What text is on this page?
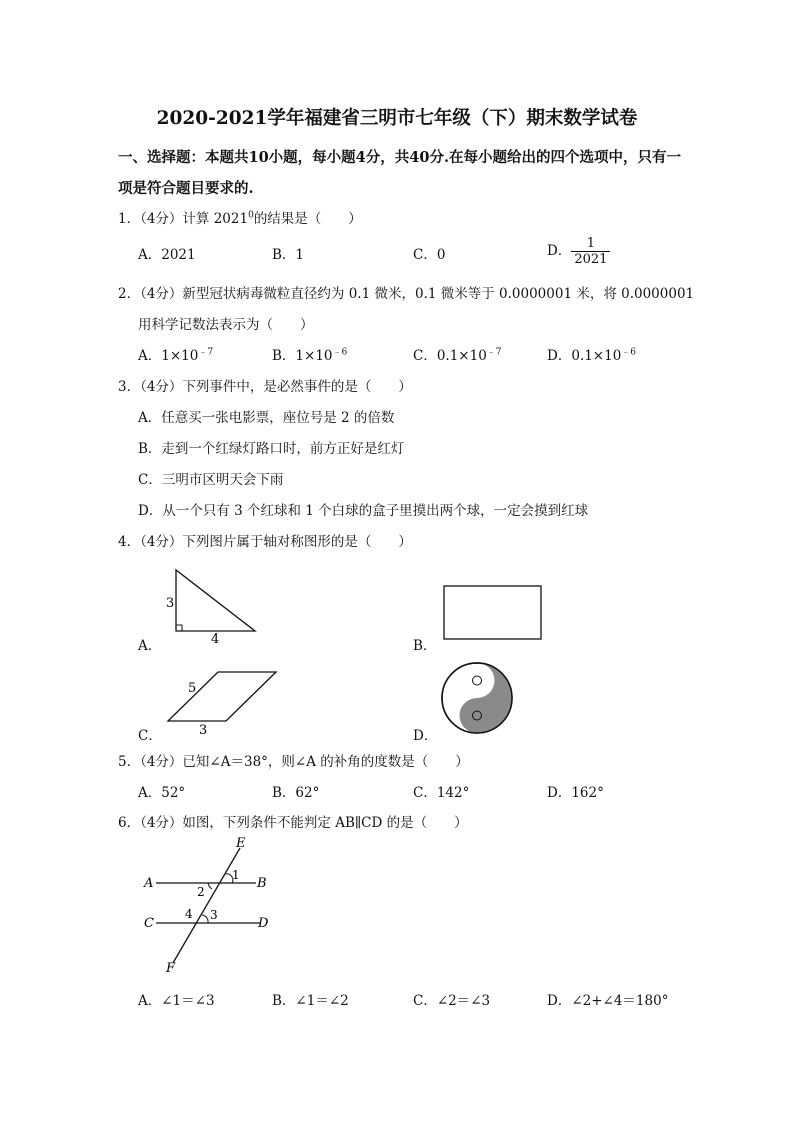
2020-2021学年福建省三明市七年级（下）期末数学试卷
一、选择题：本题共10小题，每小题4分，共40分.在每小题给出的四个选项中，只有一
项是符合题目要求的.
1．（4分）计算 2021$^0$的结果是（　　）
A．2021	B．1	C．0	D． $\frac{1}{2021}$
2．（4分）新型冠状病毒微粒直径约为 0.1 微米，0.1 微米等于 0.0000001 米，将 0.0000001
用科学记数法表示为（　　）
A．$1\times 10^{﹣7}$	B．$1\times 10^{﹣6}$	C．$0.1\times 10^{﹣7}$	D．$0.1\times 10^{﹣6}$
3．（4分）下列事件中，是必然事件的是（　　）
A．任意买一张电影票，座位号是 2 的倍数
B．走到一个红绿灯路口时，前方正好是红灯
C．三明市区明天会下雨
D．从一个只有 3 个红球和 1 个白球的盒子里摸出两个球，一定会摸到红球
4．（4分）下列图片属于轴对称图形的是（　　）
3
4
A．	B．
5
3
C．	D．
5．（4分）已知∠A＝38°，则∠A 的补角的度数是（　　）
A．52°	B．62°	C．142°	D．162°
6．（4分）如图，下列条件不能判定 AB∥CD 的是（　　）
E
A	B
C	D
F
1
2
3
4
A．∠1＝∠3	B．∠1＝∠2	C．∠2＝∠3	D．∠2+∠4＝180°
